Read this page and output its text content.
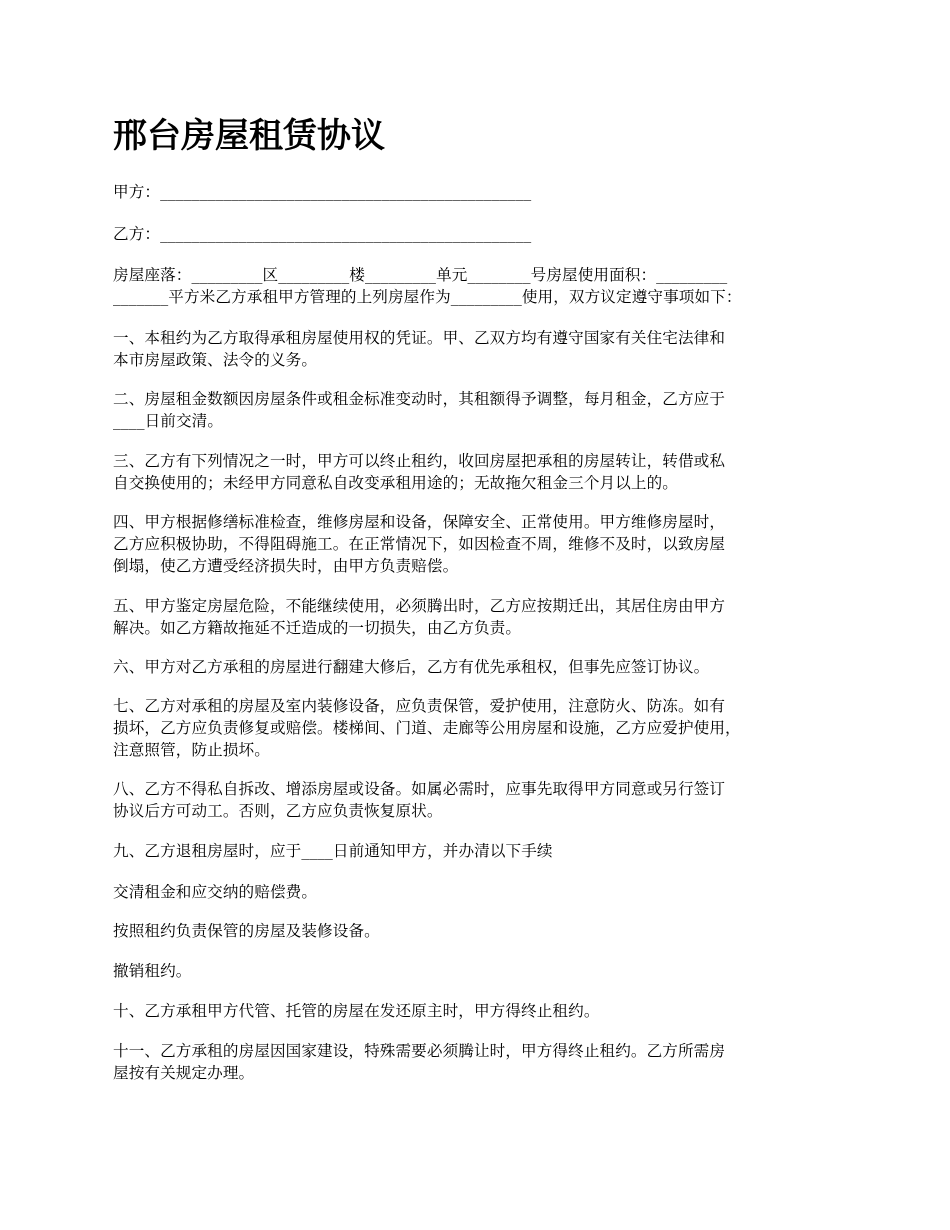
邢台房屋租赁协议

甲方：_______________________________________________

乙方：_______________________________________________

房屋座落：_________区_________楼_________单元________号房屋使用面积：_________
_______平方米乙方承租甲方管理的上列房屋作为_________使用，双方议定遵守事项如下：

一、本租约为乙方取得承租房屋使用权的凭证。甲、乙双方均有遵守国家有关住宅法律和
本市房屋政策、法令的义务。

二、房屋租金数额因房屋条件或租金标准变动时，其租额得予调整，每月租金，乙方应于
____日前交清。

三、乙方有下列情况之一时，甲方可以终止租约，收回房屋把承租的房屋转让，转借或私
自交换使用的；未经甲方同意私自改变承租用途的；无故拖欠租金三个月以上的。

四、甲方根据修缮标准检查，维修房屋和设备，保障安全、正常使用。甲方维修房屋时，
乙方应积极协助，不得阻碍施工。在正常情况下，如因检查不周，维修不及时，以致房屋
倒塌，使乙方遭受经济损失时，由甲方负责赔偿。

五、甲方鉴定房屋危险，不能继续使用，必须腾出时，乙方应按期迁出，其居住房由甲方
解决。如乙方籍故拖延不迁造成的一切损失，由乙方负责。

六、甲方对乙方承租的房屋进行翻建大修后，乙方有优先承租权，但事先应签订协议。

七、乙方对承租的房屋及室内装修设备，应负责保管，爱护使用，注意防火、防冻。如有
损坏，乙方应负责修复或赔偿。楼梯间、门道、走廊等公用房屋和设施，乙方应爱护使用，
注意照管，防止损坏。

八、乙方不得私自拆改、增添房屋或设备。如属必需时，应事先取得甲方同意或另行签订
协议后方可动工。否则，乙方应负责恢复原状。

九、乙方退租房屋时，应于____日前通知甲方，并办清以下手续

交清租金和应交纳的赔偿费。

按照租约负责保管的房屋及装修设备。

撤销租约。

十、乙方承租甲方代管、托管的房屋在发还原主时，甲方得终止租约。

十一、乙方承租的房屋因国家建设，特殊需要必须腾让时，甲方得终止租约。乙方所需房
屋按有关规定办理。
